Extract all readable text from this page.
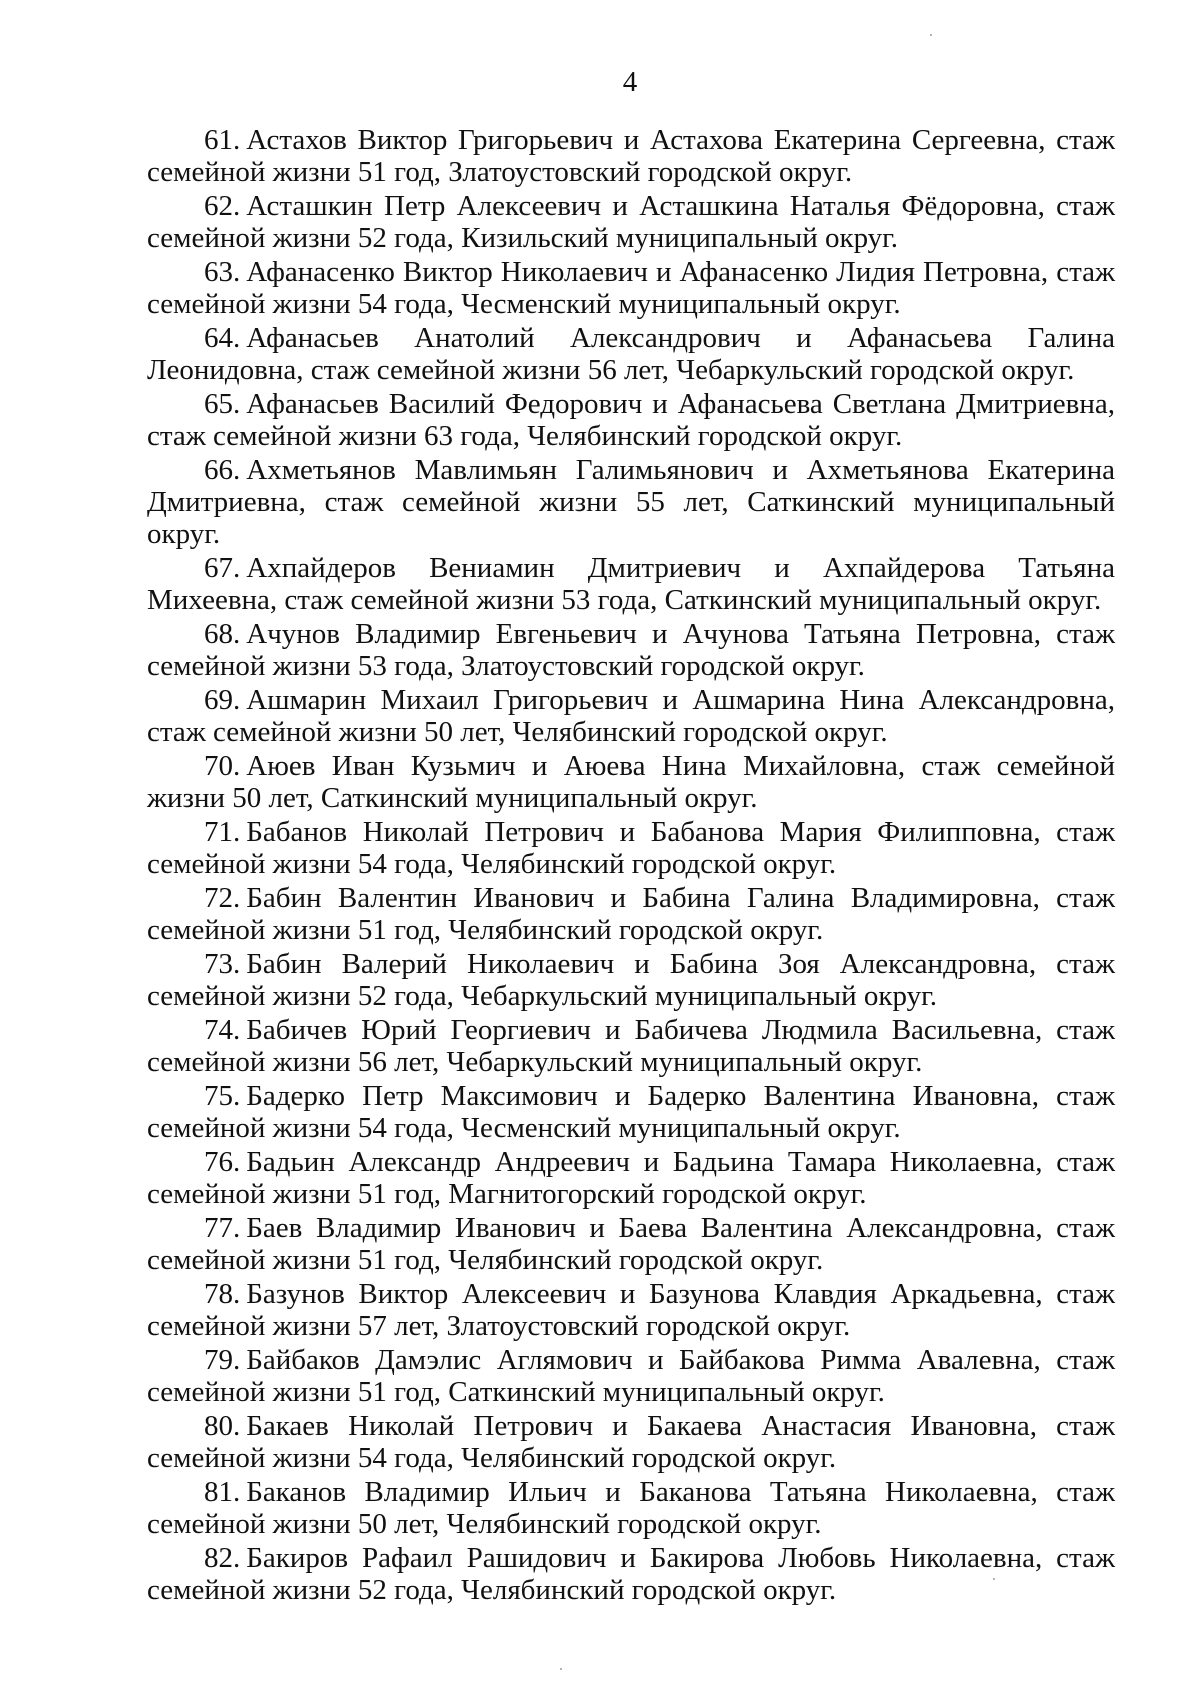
4
61. Астахов Виктор Григорьевич и Астахова Екатерина Сергеевна, стаж семейной жизни 51 год, Златоустовский городской округ.
62. Асташкин Петр Алексеевич и Асташкина Наталья Фёдоровна, стаж семейной жизни 52 года, Кизильский муниципальный округ.
63. Афанасенко Виктор Николаевич и Афанасенко Лидия Петровна, стаж семейной жизни 54 года, Чесменский муниципальный округ.
64. Афанасьев Анатолий Александрович и Афанасьева Галина Леонидовна, стаж семейной жизни 56 лет, Чебаркульский городской округ.
65. Афанасьев Василий Федорович и Афанасьева Светлана Дмитриевна, стаж семейной жизни 63 года, Челябинский городской округ.
66. Ахметьянов Мавлимьян Галимьянович и Ахметьянова Екатерина Дмитриевна, стаж семейной жизни 55 лет, Саткинский муниципальный округ.
67. Ахпайдеров Вениамин Дмитриевич и Ахпайдерова Татьяна Михеевна, стаж семейной жизни 53 года, Саткинский муниципальный округ.
68. Ачунов Владимир Евгеньевич и Ачунова Татьяна Петровна, стаж семейной жизни 53 года, Златоустовский городской округ.
69. Ашмарин Михаил Григорьевич и Ашмарина Нина Александровна, стаж семейной жизни 50 лет, Челябинский городской округ.
70. Аюев Иван Кузьмич и Аюева Нина Михайловна, стаж семейной жизни 50 лет, Саткинский муниципальный округ.
71. Бабанов Николай Петрович и Бабанова Мария Филипповна, стаж семейной жизни 54 года, Челябинский городской округ.
72. Бабин Валентин Иванович и Бабина Галина Владимировна, стаж семейной жизни 51 год, Челябинский городской округ.
73. Бабин Валерий Николаевич и Бабина Зоя Александровна, стаж семейной жизни 52 года, Чебаркульский муниципальный округ.
74. Бабичев Юрий Георгиевич и Бабичева Людмила Васильевна, стаж семейной жизни 56 лет, Чебаркульский муниципальный округ.
75. Бадерко Петр Максимович и Бадерко Валентина Ивановна, стаж семейной жизни 54 года, Чесменский муниципальный округ.
76. Бадьин Александр Андреевич и Бадьина Тамара Николаевна, стаж семейной жизни 51 год, Магнитогорский городской округ.
77. Баев Владимир Иванович и Баева Валентина Александровна, стаж семейной жизни 51 год, Челябинский городской округ.
78. Базунов Виктор Алексеевич и Базунова Клавдия Аркадьевна, стаж семейной жизни 57 лет, Златоустовский городской округ.
79. Байбаков Дамэлис Аглямович и Байбакова Римма Авалевна, стаж семейной жизни 51 год, Саткинский муниципальный округ.
80. Бакаев Николай Петрович и Бакаева Анастасия Ивановна, стаж семейной жизни 54 года, Челябинский городской округ.
81. Баканов Владимир Ильич и Баканова Татьяна Николаевна, стаж семейной жизни 50 лет, Челябинский городской округ.
82. Бакиров Рафаил Рашидович и Бакирова Любовь Николаевна, стаж семейной жизни 52 года, Челябинский городской округ.
